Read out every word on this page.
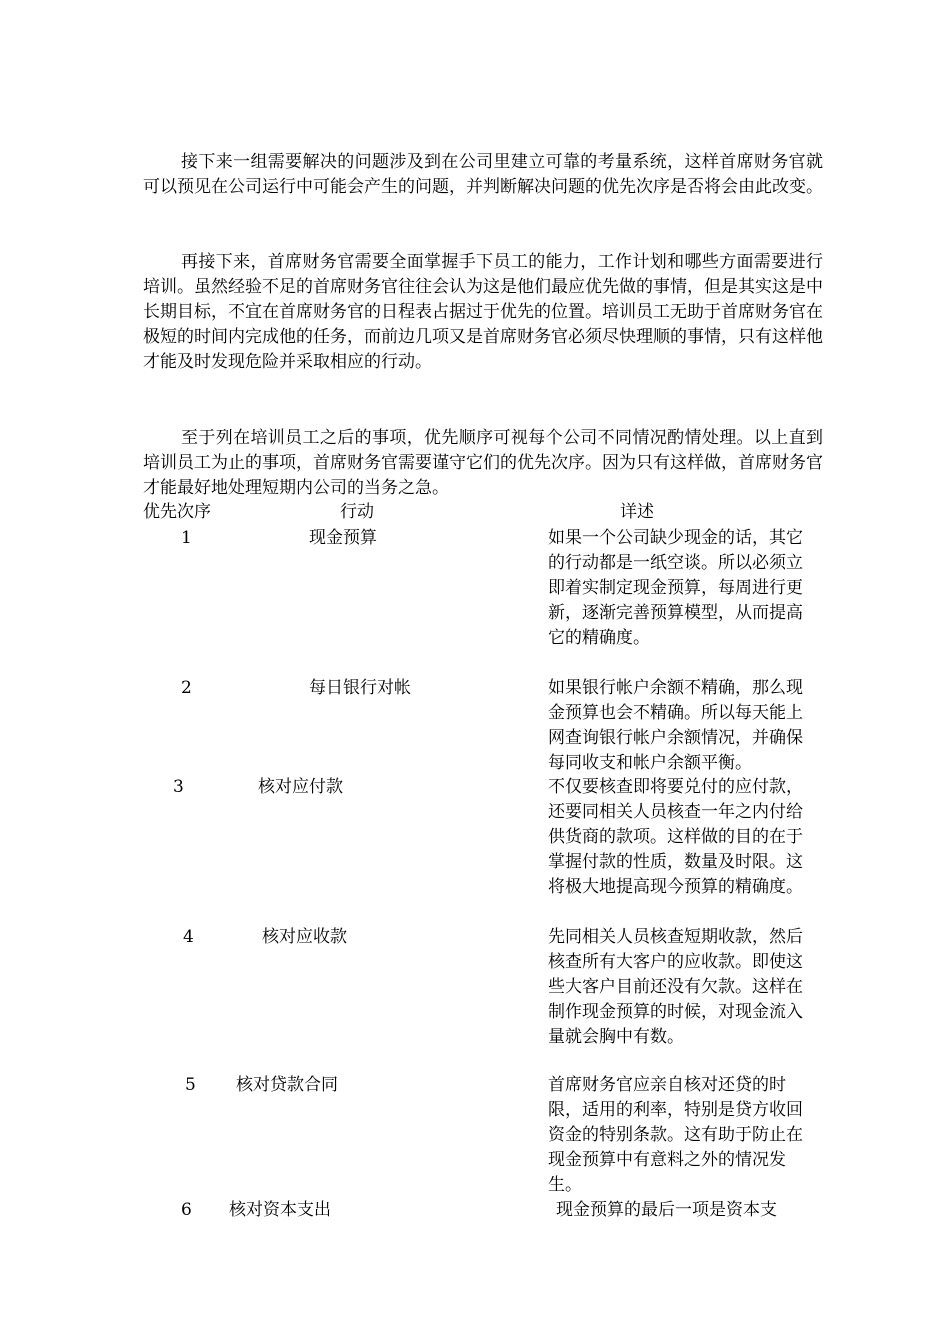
接下来一组需要解决的问题涉及到在公司里建立可靠的考量系统，这样首席财务官就可以预见在公司运行中可能会产生的问题，并判断解决问题的优先次序是否将会由此改变。

再接下来，首席财务官需要全面掌握手下员工的能力，工作计划和哪些方面需要进行培训。虽然经验不足的首席财务官往往会认为这是他们最应优先做的事情，但是其实这是中长期目标，不宜在首席财务官的日程表占据过于优先的位置。培训员工无助于首席财务官在极短的时间内完成他的任务，而前边几项又是首席财务官必须尽快理顺的事情，只有这样他才能及时发现危险并采取相应的行动。

至于列在培训员工之后的事项，优先顺序可视每个公司不同情况酌情处理。以上直到培训员工为止的事项，首席财务官需要谨守它们的优先次序。因为只有这样做，首席财务官才能最好地处理短期内公司的当务之急。

优先次序	行动	详述
1	现金预算	如果一个公司缺少现金的话，其它的行动都是一纸空谈。所以必须立即着实制定现金预算，每周进行更新，逐渐完善预算模型，从而提高它的精确度。
2	每日银行对帐	如果银行帐户余额不精确，那么现金预算也会不精确。所以每天能上网查询银行帐户余额情况，并确保每同收支和帐户余额平衡。
3	核对应付款	不仅要核查即将要兑付的应付款，还要同相关人员核查一年之内付给供货商的款项。这样做的目的在于掌握付款的性质，数量及时限。这将极大地提高现今预算的精确度。
4	核对应收款	先同相关人员核查短期收款，然后核查所有大客户的应收款。即使这些大客户目前还没有欠款。这样在制作现金预算的时候，对现金流入量就会胸中有数。
5 核对贷款合同	首席财务官应亲自核对还贷的时限，适用的利率，特别是贷方收回资金的特别条款。这有助于防止在现金预算中有意料之外的情况发生。
6 核对资本支出	现金预算的最后一项是资本支
